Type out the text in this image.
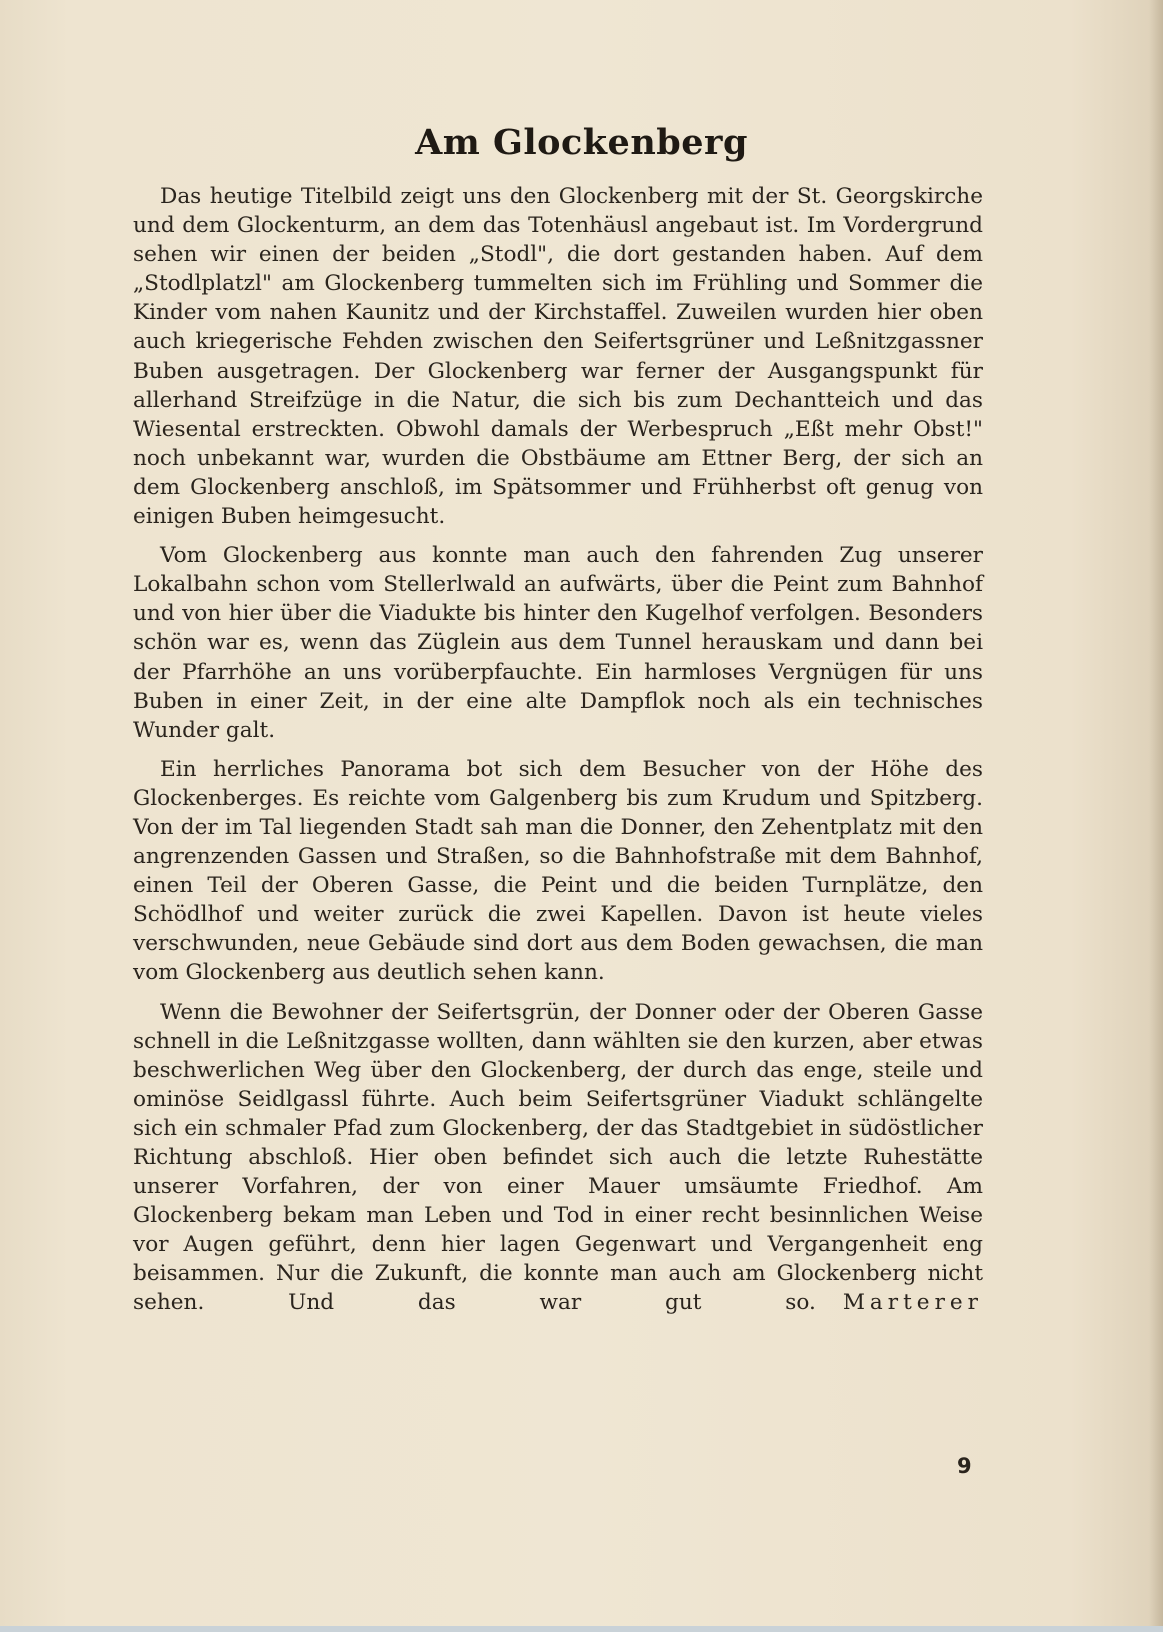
Am Glockenberg

Das heutige Titelbild zeigt uns den Glockenberg mit der St. Georgskirche und dem Glockenturm, an dem das Totenhäusl angebaut ist. Im Vordergrund sehen wir einen der beiden „Stodl", die dort gestanden haben. Auf dem „Stodlplatzl" am Glockenberg tummelten sich im Frühling und Sommer die Kinder vom nahen Kaunitz und der Kirchstaffel. Zuweilen wurden hier oben auch kriegerische Fehden zwischen den Seifertsgrüner und Leßnitzgassner Buben ausgetragen. Der Glockenberg war ferner der Ausgangspunkt für allerhand Streifzüge in die Natur, die sich bis zum Dechantteich und das Wiesental erstreckten. Obwohl damals der Werbespruch „Eßt mehr Obst!" noch unbekannt war, wurden die Obstbäume am Ettner Berg, der sich an dem Glockenberg anschloß, im Spätsommer und Frühherbst oft genug von einigen Buben heimgesucht.

Vom Glockenberg aus konnte man auch den fahrenden Zug unserer Lokalbahn schon vom Stellerlwald an aufwärts, über die Peint zum Bahnhof und von hier über die Viadukte bis hinter den Kugelhof verfolgen. Besonders schön war es, wenn das Züglein aus dem Tunnel herauskam und dann bei der Pfarrhöhe an uns vorüberpfauchte. Ein harmloses Vergnügen für uns Buben in einer Zeit, in der eine alte Dampflok noch als ein technisches Wunder galt.

Ein herrliches Panorama bot sich dem Besucher von der Höhe des Glockenberges. Es reichte vom Galgenberg bis zum Krudum und Spitzberg. Von der im Tal liegenden Stadt sah man die Donner, den Zehentplatz mit den angrenzenden Gassen und Straßen, so die Bahnhofstraße mit dem Bahnhof, einen Teil der Oberen Gasse, die Peint und die beiden Turnplätze, den Schödlhof und weiter zurück die zwei Kapellen. Davon ist heute vieles verschwunden, neue Gebäude sind dort aus dem Boden gewachsen, die man vom Glockenberg aus deutlich sehen kann.

Wenn die Bewohner der Seifertsgrün, der Donner oder der Oberen Gasse schnell in die Leßnitzgasse wollten, dann wählten sie den kurzen, aber etwas beschwerlichen Weg über den Glockenberg, der durch das enge, steile und ominöse Seidlgassl führte. Auch beim Seifertsgrüner Viadukt schlängelte sich ein schmaler Pfad zum Glockenberg, der das Stadtgebiet in südöstlicher Richtung abschloß. Hier oben befindet sich auch die letzte Ruhestätte unserer Vorfahren, der von einer Mauer umsäumte Friedhof. Am Glockenberg bekam man Leben und Tod in einer recht besinnlichen Weise vor Augen geführt, denn hier lagen Gegenwart und Vergangenheit eng beisammen. Nur die Zukunft, die konnte man auch am Glockenberg nicht sehen. Und das war gut so.	Marterer

9
